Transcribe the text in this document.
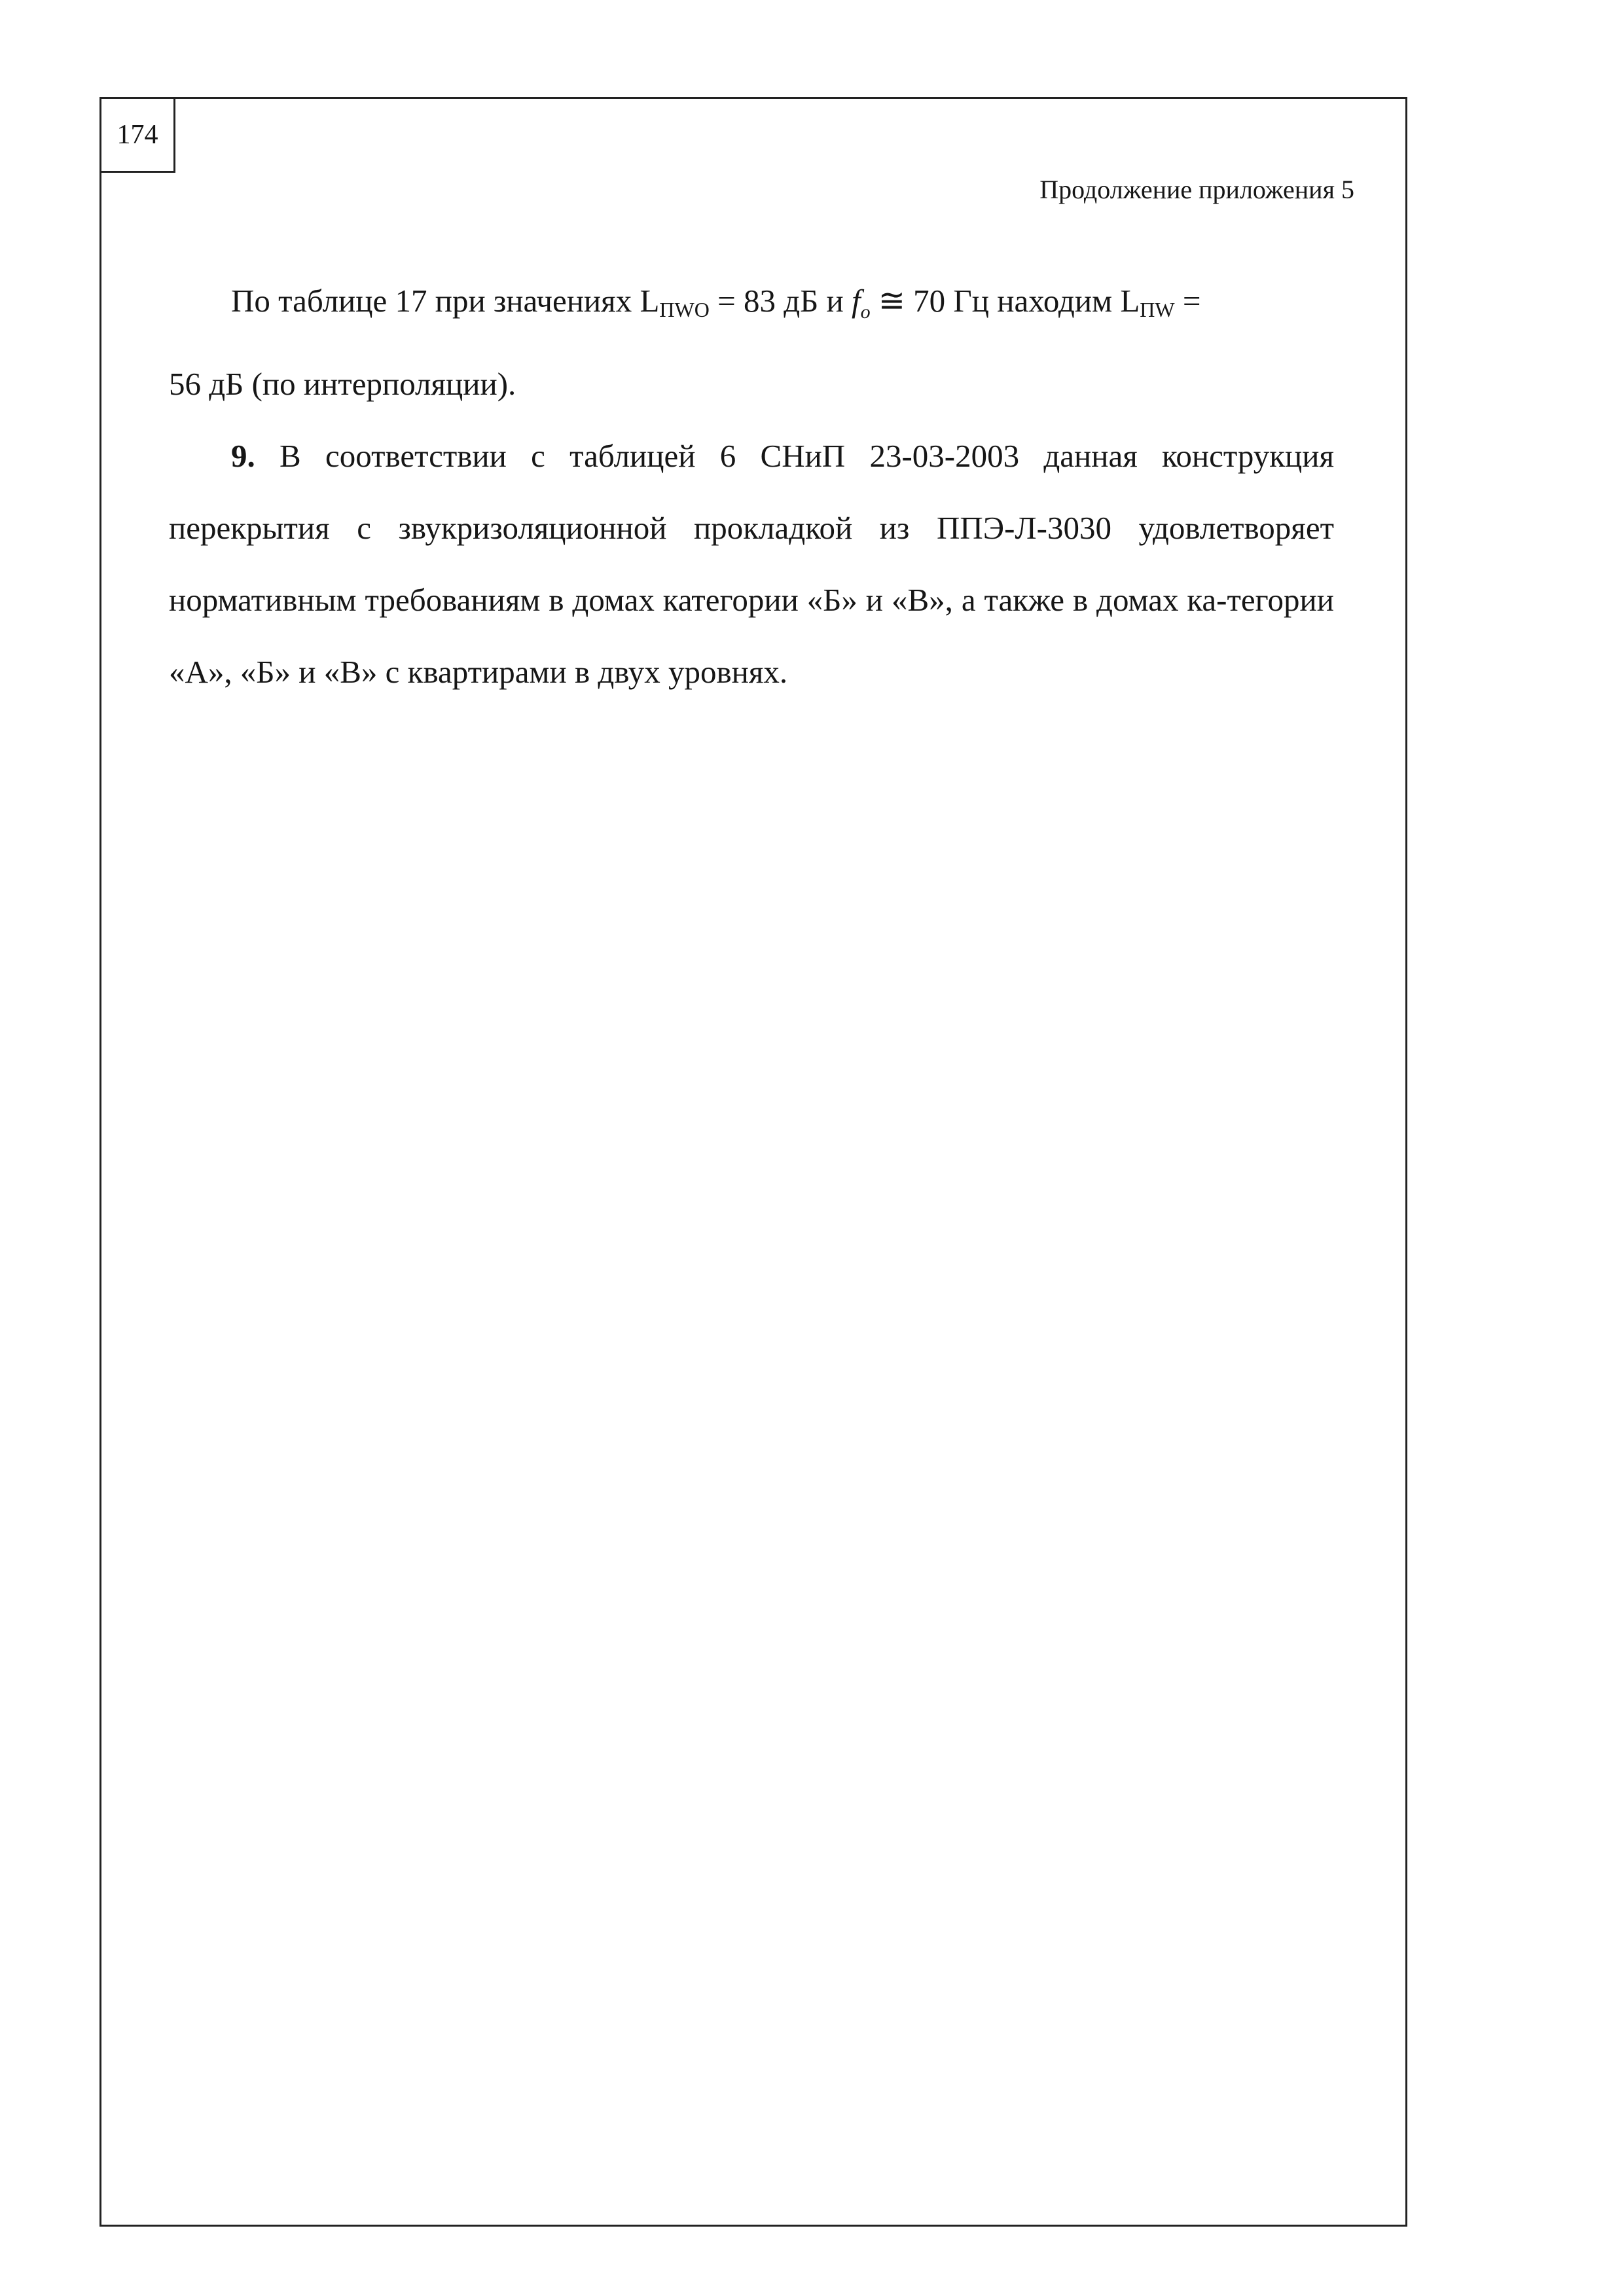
174
Продолжение приложения 5

По таблице 17 при значениях $L_{ПWO} = 83$ дБ и $f_o$ ≅ 70 Гц находим $L_{ПW}$ =

56 дБ (по интерполяции).

9. В соответствии с таблицей 6 СНиП 23-03-2003 данная конструкция перекрытия с звукризоляционной прокладкой из ППЭ-Л-3030 удовлетворяет нормативным требованиям в домах категории «Б» и «В», а также в домах ка-тегории «А», «Б» и «В» с квартирами в двух уровнях.
